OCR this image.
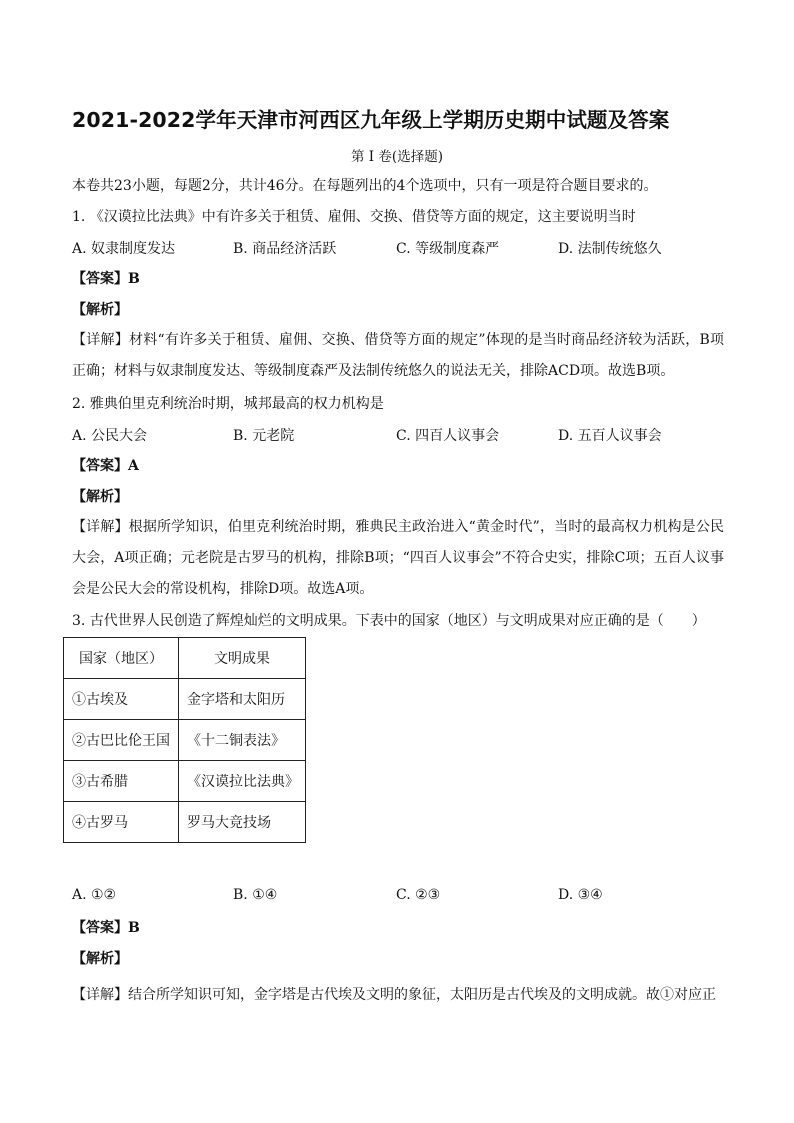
2021-2022学年天津市河西区九年级上学期历史期中试题及答案
第 I 卷(选择题)
本卷共23小题，每题2分，共计46分。在每题列出的4个选项中，只有一项是符合题目要求的。
1. 《汉谟拉比法典》中有许多关于租赁、雇佣、交换、借贷等方面的规定，这主要说明当时
A. 奴隶制度发达	B. 商品经济活跃	C. 等级制度森严	D. 法制传统悠久
【答案】B
【解析】
【详解】材料“有许多关于租赁、雇佣、交换、借贷等方面的规定”体现的是当时商品经济较为活跃，B项正确；材料与奴隶制度发达、等级制度森严及法制传统悠久的说法无关，排除ACD项。故选B项。
2. 雅典伯里克利统治时期，城邦最高的权力机构是
A. 公民大会	B. 元老院	C. 四百人议事会	D. 五百人议事会
【答案】A
【解析】
【详解】根据所学知识，伯里克利统治时期，雅典民主政治进入“黄金时代”，当时的最高权力机构是公民大会，A项正确；元老院是古罗马的机构，排除B项；“四百人议事会”不符合史实，排除C项；五百人议事会是公民大会的常设机构，排除D项。故选A项。
3. 古代世界人民创造了辉煌灿烂的文明成果。下表中的国家（地区）与文明成果对应正确的是（　　）
国家（地区）	文明成果
①古埃及	金字塔和太阳历
②古巴比伦王国	《十二铜表法》
③古希腊	《汉谟拉比法典》
④古罗马	罗马大竞技场
A. ①②	B. ①④	C. ②③	D. ③④
【答案】B
【解析】
【详解】结合所学知识可知，金字塔是古代埃及文明的象征，太阳历是古代埃及的文明成就。故①对应正
